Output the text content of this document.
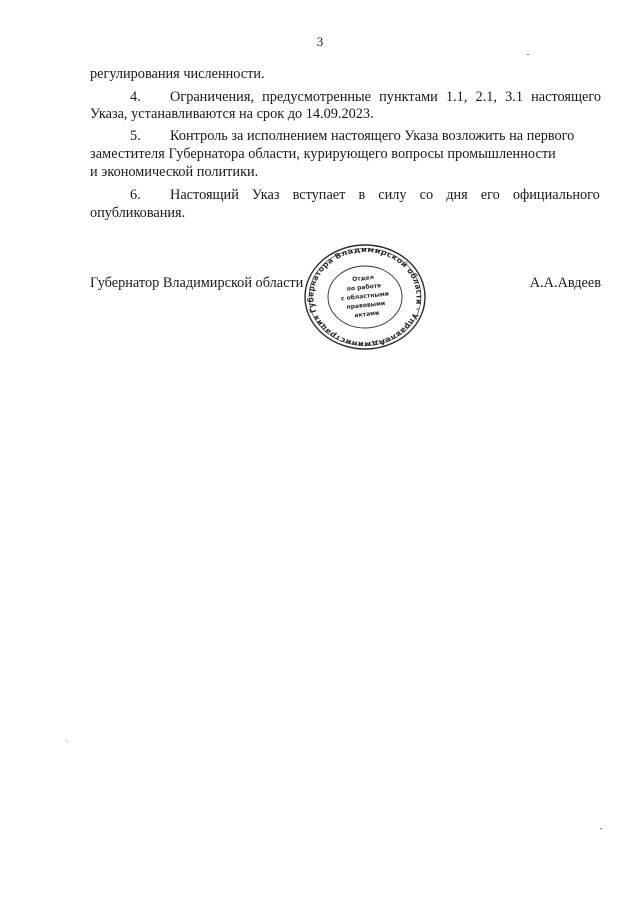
3
регулирования численности.
4. Ограничения, предусмотренные пунктами 1.1, 2.1, 3.1 настоящего
Указа, устанавливаются на срок до 14.09.2023.
5. Контроль за исполнением настоящего Указа возложить на первого
заместителя Губернатора области, курирующего вопросы промышленности
и экономической политики.
6. Настоящий Указ вступает в силу со дня его официального
опубликования.
Губернатор Владимирской области	А.А.Авдеев
Администрация Губернатора Владимирской области · Управление
Отдел
по работе
с областными
правовыми
актами
